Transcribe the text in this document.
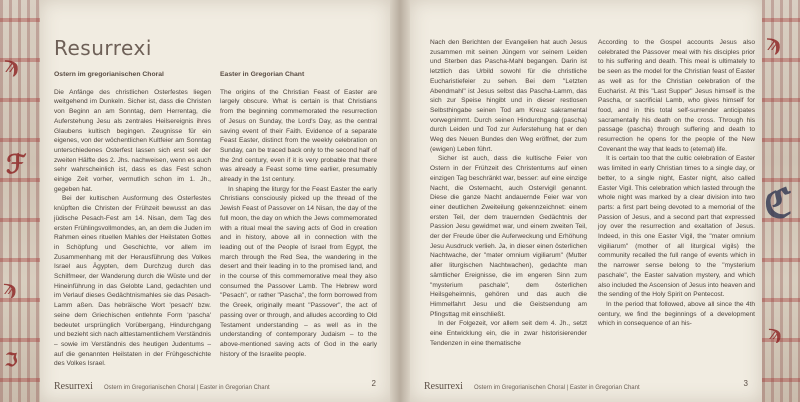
ϡ
ℱ
ϡ
ℑ
Resurrexi
Ostern im gregorianischen Choral

Die Anfänge des christlichen Osterfestes liegen weitgehend im Dunkeln. Sicher ist, dass die Christen von Beginn an am Sonntag, dem Herrentag, die Auferstehung Jesu als zentrales Heilsereignis ihres Glaubens kultisch begingen. Zeugnisse für ein eigenes, von der wöchentlichen Kultfeier am Sonntag unterschiedenes Osterfest lassen sich erst seit der zweiten Hälfte des 2. Jhs. nachweisen, wenn es auch sehr wahrscheinlich ist, dass es das Fest schon einige Zeit vorher, vermutlich schon im 1. Jh., gegeben hat.

Bei der kultischen Ausformung des Osterfestes knüpften die Christen der Frühzeit bewusst an das jüdische Pesach-Fest am 14. Nisan, dem Tag des ersten Frühlingsvollmondes, an, an dem die Juden im Rahmen eines rituellen Mahles der Heilstaten Gottes in Schöpfung und Geschichte, vor allem im Zusammenhang mit der Herausführung des Volkes Israel aus Ägypten, dem Durchzug durch das Schilfmeer, der Wanderung durch die Wüste und der Hineinführung in das Gelobte Land, gedachten und im Verlauf dieses Gedächtnismahles sie das Pesach-Lamm aßen. Das hebräische Wort 'pesach' bzw. seine dem Griechischen entlehnte Form 'pascha' bedeutet ursprünglich Vorübergang, Hindurchgang und bezieht sich nach alttestamentlichem Verständnis – sowie im Verständnis des heutigen Judentums – auf die genannten Heilstaten in der Frühgeschichte des Volkes Israel.

Easter in Gregorian Chant

The origins of the Christian Feast of Easter are largely obscure. What is certain is that Christians from the beginning commemorated the resurrection of Jesus on Sunday, the Lord's Day, as the central saving event of their Faith. Evidence of a separate Feast Easter, distinct from the weekly celebration on Sunday, can be traced back only to the second half of the 2nd century, even if it is very probable that there was already a Feast some time earlier, presumably already in the 1st century.

In shaping the liturgy for the Feast Easter the early Christians consciously picked up the thread of the Jewish Feast of Passover on 14 Nisan, the day of the full moon, the day on which the Jews commemorated with a ritual meal the saving acts of God in creation and in history, above all in connection with the leading out of the People of Israel from Egypt, the march through the Red Sea, the wandering in the desert and their leading in to the promised land, and in the course of this commemorative meal they also consumed the Passover Lamb. The Hebrew word "Pesach", or rather "Pascha", the form borrowed from the Greek, originally meant "Passover", the act of passing over or through, and alludes according to Old Testament understanding – as well as in the understanding of contemporary Judaism – to the above-mentioned saving acts of God in the early history of the Israelite people.

Resurrexi Ostern im Gregorianischen Choral | Easter in Gregorian Chant	2

Nach den Berichten der Evangelien hat auch Jesus zusammen mit seinen Jüngern vor seinem Leiden und Sterben das Pascha-Mahl begangen. Darin ist letztlich das Urbild sowohl für die christliche Eucharistiefeier zu sehen. Bei dem "Letzten Abendmahl" ist Jesus selbst das Pascha-Lamm, das sich zur Speise hingibt und in dieser restlosen Selbsthingabe seinen Tod am Kreuz sakramental vorwegnimmt. Durch seinen Hindurchgang (pascha) durch Leiden und Tod zur Auferstehung hat er den Weg des Neuen Bundes den Weg eröffnet, der zum (ewigen) Leben führt.

Sicher ist auch, dass die kultische Feier von Ostern in der Frühzeit des Christentums auf einen einzigen Tag beschränkt war, besser: auf eine einzige Nacht, die Osternacht, auch Ostervigil genannt. Diese die ganze Nacht andauernde Feier war von einer deutlichen Zweiteilung gekennzeichnet: einem ersten Teil, der dem trauernden Gedächtnis der Passion Jesu gewidmet war, und einem zweiten Teil, der der Freude über die Auferweckung und Erhöhung Jesu Ausdruck verlieh. Ja, in dieser einen österlichen Nachtwache, der "mater omnium vigiliarum" (Mutter aller liturgischen Nachtwachen), gedachte man sämtlicher Ereignisse, die im engeren Sinn zum "mysterium paschale", dem österlichen Heilsgeheimnis, gehören und das auch die Himmelfahrt Jesu und die Geistsendung am Pfingsttag mit einschließt.

In der Folgezeit, vor allem seit dem 4. Jh., setzt eine Entwicklung ein, die in zwar historisierender Tendenzen in eine thematische

According to the Gospel accounts Jesus also celebrated the Passover meal with his disciples prior to his suffering and death. This meal is ultimately to be seen as the model for the Christian feast of Easter as well as for the Christian celebration of the Eucharist. At this "Last Supper" Jesus himself is the Pascha, or sacrificial Lamb, who gives himself for food, and in this total self-surrender anticipates sacramentally his death on the cross. Through his passage (pascha) through suffering and death to resurrection he opens for the people of the New Covenant the way that leads to (eternal) life.

It is certain too that the cultic celebration of Easter was limited in early Christian times to a single day, or better, to a single night, Easter night, also called Easter Vigil. This celebration which lasted through the whole night was marked by a clear division into two parts: a first part being devoted to a memorial of the Passion of Jesus, and a second part that expressed joy over the resurrection and exaltation of Jesus. Indeed, in this one Easter Vigil, the "mater omnium vigiliarum" (mother of all liturgical vigils) the community recalled the full range of events which in the narrower sense belong to the "mysterium paschale", the Easter salvation mystery, and which also included the Ascension of Jesus into heaven and the sending of the Holy Spirit on Pentecost.

In the period that followed, above all since the 4th century, we find the beginnings of a development which in consequence of an his-

Resurrexi Ostern im Gregorianischen Choral | Easter in Gregorian Chant	3
ϡ
ℭ
ϡ
